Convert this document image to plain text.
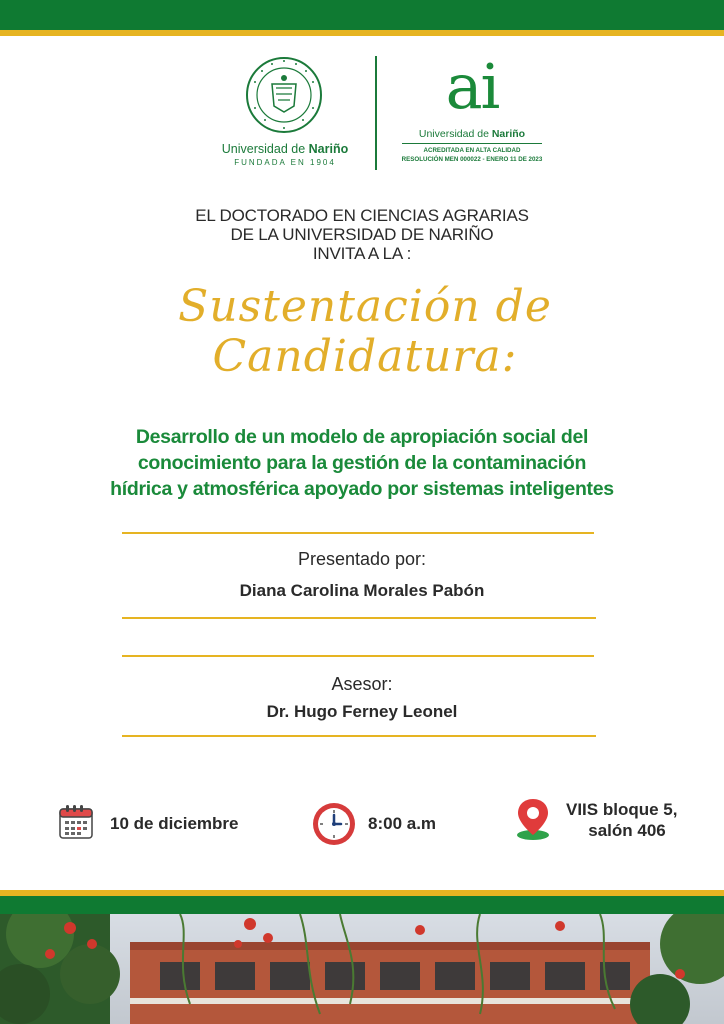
Universidad de Nariño
FUNDADA EN 1904
ai
Universidad de Nariño
ACREDITADA EN ALTA CALIDAD
RESOLUCIÓN MEN 000022 - ENERO 11 DE 2023
EL DOCTORADO EN CIENCIAS AGRARIAS
DE LA UNIVERSIDAD DE NARIÑO
INVITA A LA :
Sustentación de
Candidatura:
Desarrollo de un modelo de apropiación social del
conocimiento para la gestión de la contaminación
hídrica y atmosférica apoyado por sistemas inteligentes
Presentado por:
Diana Carolina Morales Pabón
Asesor:
Dr. Hugo Ferney Leonel
10 de diciembre	8:00 a.m
VIIS bloque 5,
salón 406
